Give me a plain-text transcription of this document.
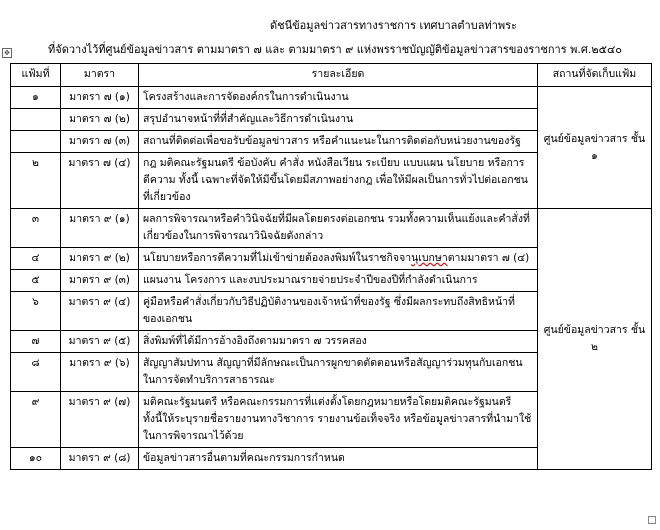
ดัชนีข้อมูลข่าวสารทางราชการ เทศบาลตำบลท่าพระ
✥	ที่จัดวางไว้ที่ศูนย์ข้อมูลข่าวสาร ตามมาตรา ๗ และ ตามมาตรา ๙ แห่งพรราชบัญญัติข้อมูลข่าวสารของราชการ พ.ศ.๒๕๔๐
แฟ้มที่	มาตรา	รายละเอียด	สถานที่จัดเก็บแฟ้ม
๑	มาตรา ๗ (๑)	โครงสร้างและการจัดองค์กรในการดำเนินงาน	ศูนย์ข้อมูลข่าวสาร ชั้น ๑
	มาตรา ๗ (๒)	สรุปอำนาจหน้าที่ที่สำคัญและวิธีการดำเนินงาน	
	มาตรา ๗ (๓)	สถานที่ติดต่อเพื่อขอรับข้อมูลข่าวสาร หรือคำแนะนะในการติดต่อกับหน่วยงานของรัฐ	
๒	มาตรา ๗ (๔)	กฎ มติคณะรัฐมนตรี ข้อบังคับ คำสั่ง หนังสือเวียน ระเบียบ แบบแผน นโยบาย หรือการตีความ ทั้งนี้ เฉพาะที่จัดให้มีขึ้นโดยมีสภาพอย่างกฎ เพื่อให้มีผลเป็นการทั่วไปต่อเอกชนที่เกี่ยวข้อง	
๓	มาตรา ๙ (๑)	ผลการพิจารณาหรือคำวินิจฉัยที่มีผลโดยตรงต่อเอกชน รวมทั้งความเห็นแย้งและคำสั่งที่เกี่ยวข้องในการพิจารณาวินิจฉัยดังกล่าว	ศูนย์ข้อมูลข่าวสาร ชั้น ๒
๔	มาตรา ๙ (๒)	นโยบายหรือการตีความที่ไม่เข้าข่ายต้องลงพิมพ์ในราชกิจจานุเบกษาตามมาตรา ๗ (๔)	
๕	มาตรา ๙ (๓)	แผนงาน โครงการ และงบประมาณรายจ่ายประจำปีของปีที่กำลังดำเนินการ	
๖	มาตรา ๙ (๔)	คู่มือหรือคำสั่งเกี่ยวกับวิธีปฏิบัติงานของเจ้าหน้าที่ของรัฐ ซึ่งมีผลกระทบถึงสิทธิหน้าที่ของเอกชน	
๗	มาตรา ๙ (๕)	สิ่งพิมพ์ที่ได้มีการอ้างอิงถึงตามมาตรา ๗ วรรคสอง	
๘	มาตรา ๙ (๖)	สัญญาสัมปทาน สัญญาที่มีลักษณะเป็นการผูกขาดตัดตอนหรือสัญญาร่วมทุนกับเอกชนในการจัดทำบริการสาธารณะ	
๙	มาตรา ๙ (๗)	มติคณะรัฐมนตรี หรือคณะกรรมการที่แต่งตั้งโดยกฎหมายหรือโดยมติคณะรัฐมนตรี ทั้งนี้ให้ระบุรายชื่อรายงานทางวิชาการ รายงานข้อเท็จจริง หรือข้อมูลข่าวสารที่นำมาใช้ในการพิจารณาไว้ด้วย	
๑๐	มาตรา ๙ (๘)	ข้อมูลข่าวสารอื่นตามที่คณะกรรมการกำหนด	
